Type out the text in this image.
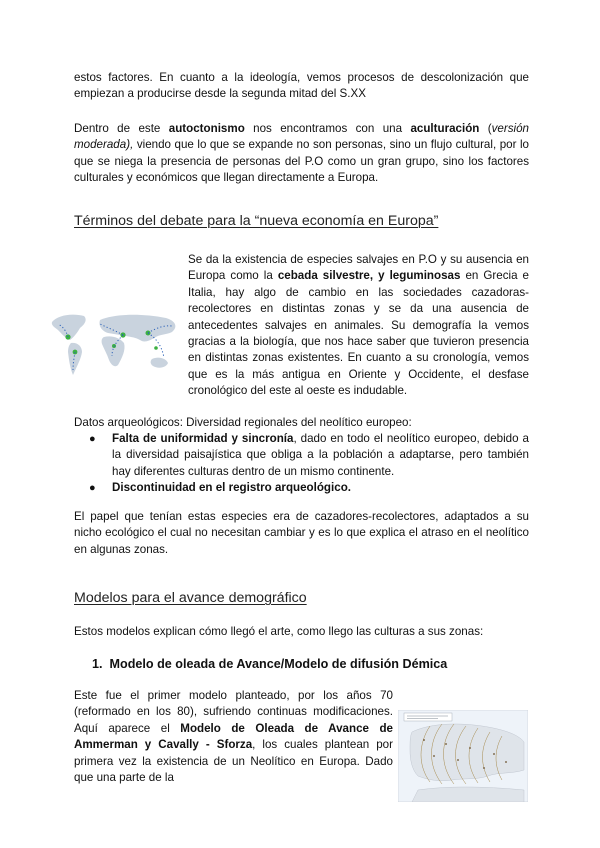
estos factores. En cuanto a la ideología, vemos procesos de descolonización que empiezan a producirse desde la segunda mitad del S.XX

Dentro de este autoctonismo nos encontramos con una aculturación (versión moderada), viendo que lo que se expande no son personas, sino un flujo cultural, por lo que se niega la presencia de personas del P.O como un gran grupo, sino los factores culturales y económicos que llegan directamente a Europa.

Términos del debate para la “nueva economía en Europa”

Se da la existencia de especies salvajes en P.O y su ausencia en Europa como la cebada silvestre, y leguminosas en Grecia e Italia, hay algo de cambio en las sociedades cazadoras-recolectores en distintas zonas y se da una ausencia de antecedentes salvajes en animales. Su demografía la vemos gracias a la biología, que nos hace saber que tuvieron presencia en distintas zonas existentes. En cuanto a su cronología, vemos que es la más antigua en Oriente y Occidente, el desfase cronológico del este al oeste es indudable.

Datos arqueológicos: Diversidad regionales del neolítico europeo:

● Falta de uniformidad y sincronía, dado en todo el neolítico europeo, debido a la diversidad paisajística que obliga a la población a adaptarse, pero también hay diferentes culturas dentro de un mismo continente.
● Discontinuidad en el registro arqueológico.

El papel que tenían estas especies era de cazadores-recolectores, adaptados a su nicho ecológico el cual no necesitan cambiar y es lo que explica el atraso en el neolítico en algunas zonas.

Modelos para el avance demográfico

Estos modelos explican cómo llegó el arte, como llego las culturas a sus zonas:

1. Modelo de oleada de Avance/Modelo de difusión Démica

Este fue el primer modelo planteado, por los años 70 (reformado en los 80), sufriendo continuas modificaciones. Aquí aparece el Modelo de Oleada de Avance de Ammerman y Cavally - Sforza, los cuales plantean por primera vez la existencia de un Neolítico en Europa. Dado que una parte de la
